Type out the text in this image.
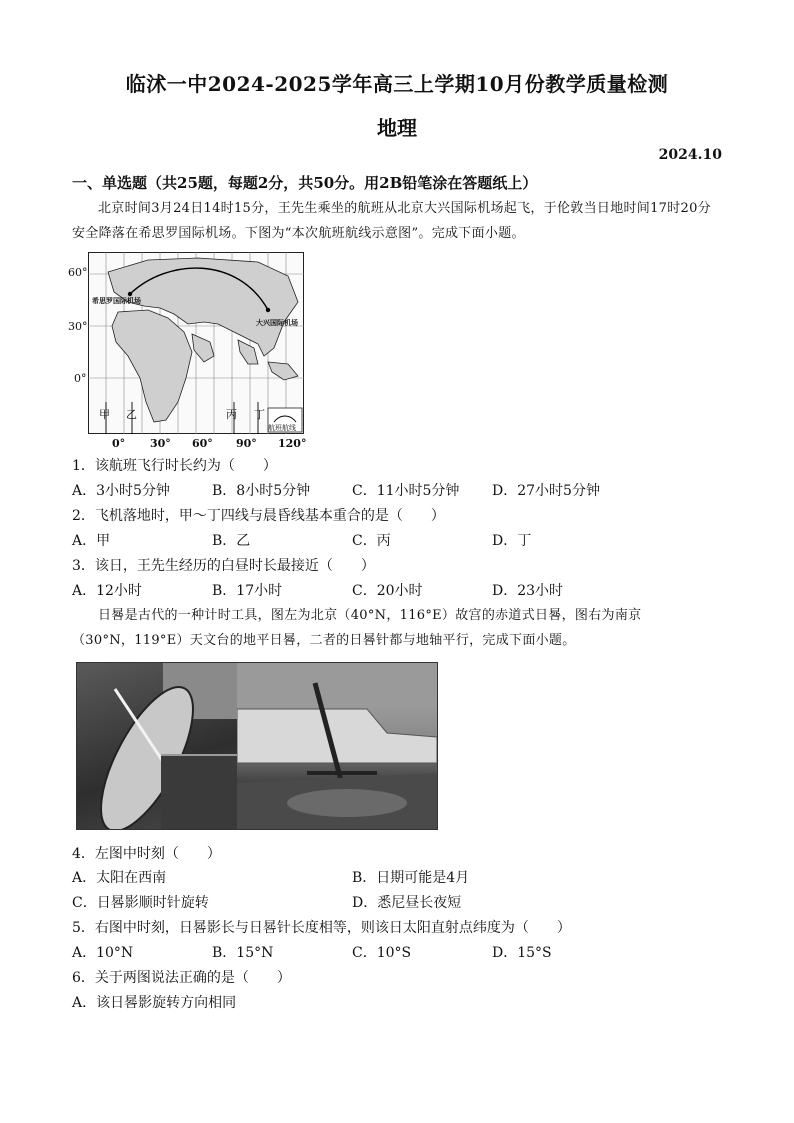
临沭一中2024-2025学年高三上学期10月份教学质量检测
地理
2024.10
一、单选题（共25题，每题2分，共50分。用2B铅笔涂在答题纸上）
北京时间3月24日14时15分，王先生乘坐的航班从北京大兴国际机场起飞，于伦敦当日地时间17时20分
安全降落在希思罗国际机场。下图为“本次航班航线示意图”。完成下面小题。
60°
30°
0°
希思罗国际机场
大兴国际机场
甲 乙	丙 丁
航班航线
0° 30° 60° 90° 120°
1．该航班飞行时长约为（　　）
A．3小时5分钟	B．8小时5分钟	C．11小时5分钟 D．27小时5分钟
2．飞机落地时，甲～丁四线与晨昏线基本重合的是（　　）
A．甲	B．乙	C．丙	D．丁
3．该日，王先生经历的白昼时长最接近（　　）
A．12小时	B．17小时	C．20小时	D．23小时
日晷是古代的一种计时工具，图左为北京（40°N，116°E）故宫的赤道式日晷，图右为南京
（30°N，119°E）天文台的地平日晷，二者的日晷针都与地轴平行，完成下面小题。
4．左图中时刻（　　）
A．太阳在西南	B．日期可能是4月
C．日晷影顺时针旋转	D．悉尼昼长夜短
5．右图中时刻，日晷影长与日晷针长度相等，则该日太阳直射点纬度为（　　）
A．10°N	B．15°N	C．10°S	D．15°S
6．关于两图说法正确的是（　　）
A．该日晷影旋转方向相同
